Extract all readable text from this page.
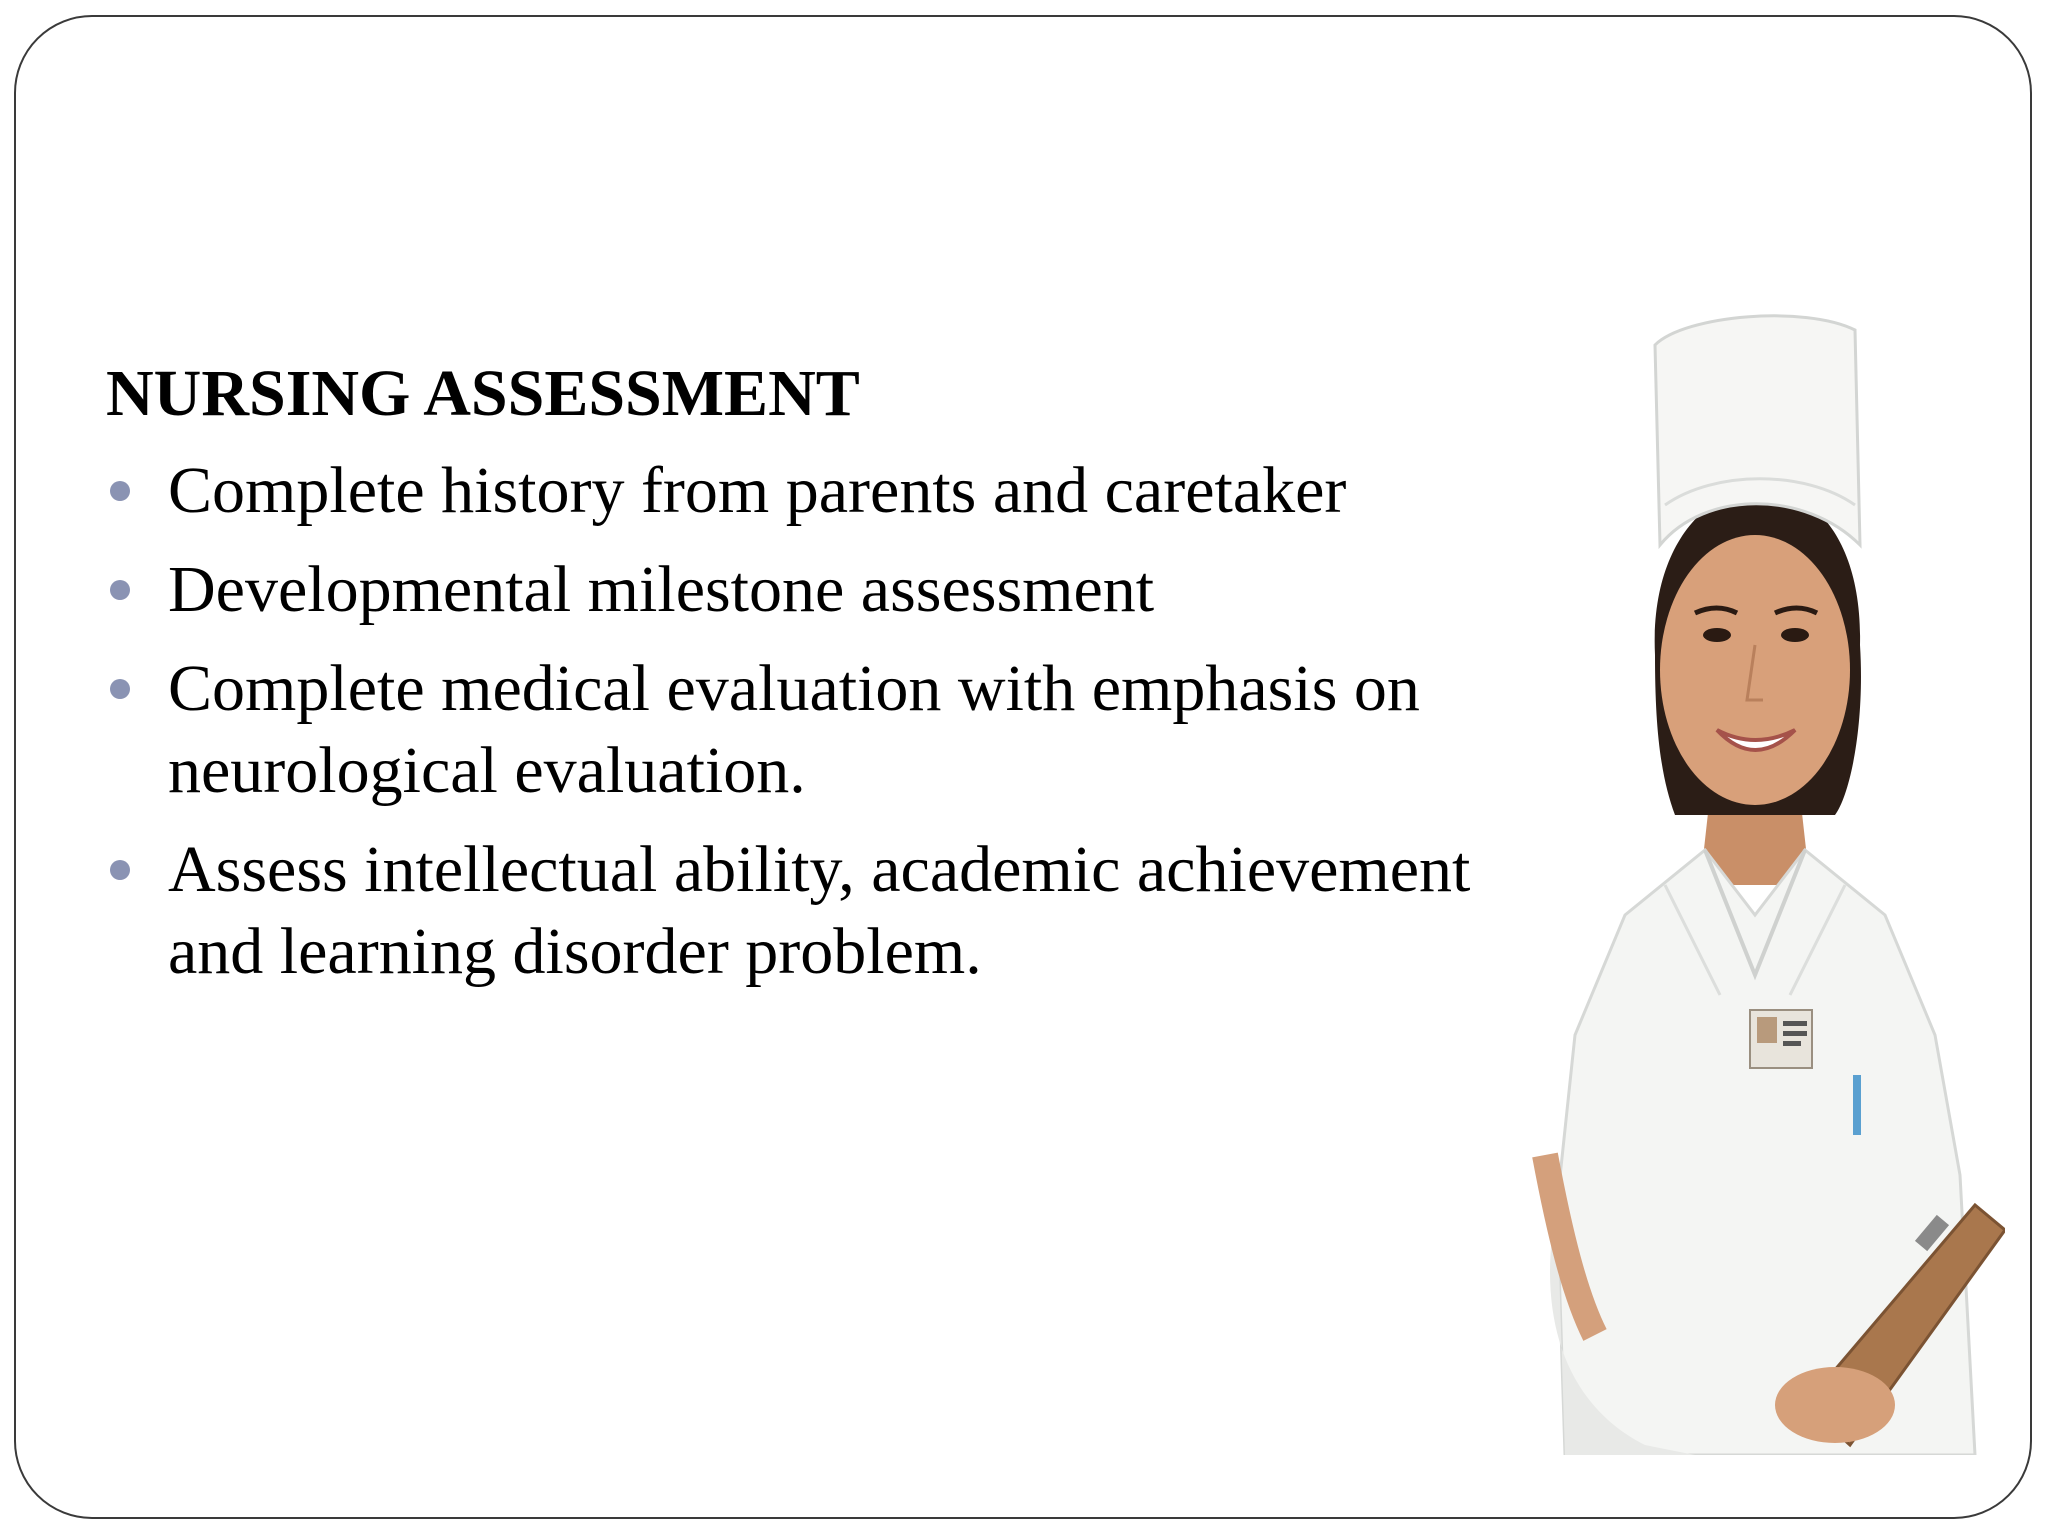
NURSING ASSESSMENT
Complete history from parents and caretaker
Developmental milestone assessment
Complete medical evaluation with emphasis on neurological evaluation.
Assess intellectual ability, academic achievement and learning disorder problem.
